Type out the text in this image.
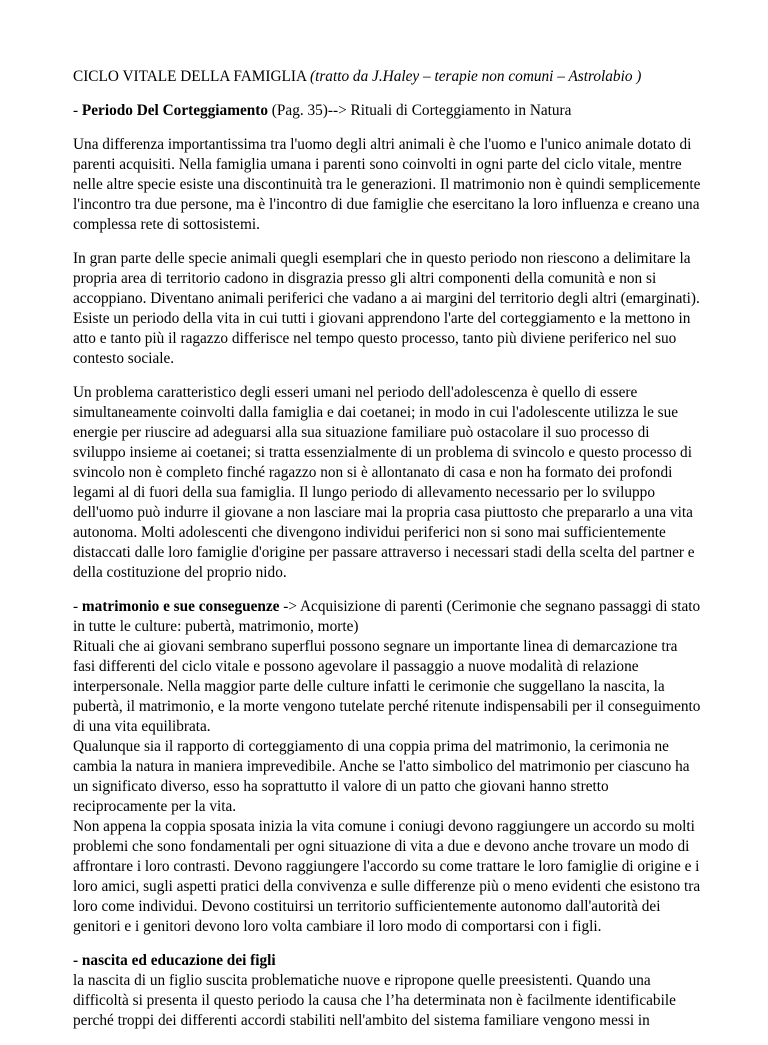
CICLO VITALE DELLA FAMIGLIA (tratto da J.Haley – terapie non comuni – Astrolabio )

- Periodo Del Corteggiamento (Pag. 35)--> Rituali di Corteggiamento in Natura

Una differenza importantissima tra l'uomo degli altri animali è che l'uomo e l'unico animale dotato di parenti acquisiti. Nella famiglia umana i parenti sono coinvolti in ogni parte del ciclo vitale, mentre nelle altre specie esiste una discontinuità tra le generazioni. Il matrimonio non è quindi semplicemente l'incontro tra due persone, ma è l'incontro di due famiglie che esercitano la loro influenza e creano una complessa rete di sottosistemi.

In gran parte delle specie animali quegli esemplari che in questo periodo non riescono a delimitare la propria area di territorio cadono in disgrazia presso gli altri componenti della comunità e non si accoppiano. Diventano animali periferici che vadano a ai margini del territorio degli altri (emarginati). Esiste un periodo della vita in cui tutti i giovani apprendono l'arte del corteggiamento e la mettono in atto e tanto più il ragazzo differisce nel tempo questo processo, tanto più diviene periferico nel suo contesto sociale.

Un problema caratteristico degli esseri umani nel periodo dell'adolescenza è quello di essere simultaneamente coinvolti dalla famiglia e dai coetanei; in modo in cui l'adolescente utilizza le sue energie per riuscire ad adeguarsi alla sua situazione familiare può ostacolare il suo processo di sviluppo insieme ai coetanei; si tratta essenzialmente di un problema di svincolo e questo processo di svincolo non è completo finché ragazzo non si è allontanato di casa e non ha formato dei profondi legami al di fuori della sua famiglia. Il lungo periodo di allevamento necessario per lo sviluppo dell'uomo può indurre il giovane a non lasciare mai la propria casa piuttosto che prepararlo a una vita autonoma. Molti adolescenti che divengono individui periferici non si sono mai sufficientemente distaccati dalle loro famiglie d'origine per passare attraverso i necessari stadi della scelta del partner e della costituzione del proprio nido.

- matrimonio e sue conseguenze -> Acquisizione di parenti (Cerimonie che segnano passaggi di stato in tutte le culture: pubertà, matrimonio, morte)

Rituali che ai giovani sembrano superflui possono segnare un importante linea di demarcazione tra fasi differenti del ciclo vitale e possono agevolare il passaggio a nuove modalità di relazione interpersonale. Nella maggior parte delle culture infatti le cerimonie che suggellano la nascita, la pubertà, il matrimonio, e la morte vengono tutelate perché ritenute indispensabili per il conseguimento di una vita equilibrata.

Qualunque sia il rapporto di corteggiamento di una coppia prima del matrimonio, la cerimonia ne cambia la natura in maniera imprevedibile. Anche se l'atto simbolico del matrimonio per ciascuno ha un significato diverso, esso ha soprattutto il valore di un patto che giovani hanno stretto reciprocamente per la vita.

Non appena la coppia sposata inizia la vita comune i coniugi devono raggiungere un accordo su molti problemi che sono fondamentali per ogni situazione di vita a due e devono anche trovare un modo di affrontare i loro contrasti. Devono raggiungere l'accordo su come trattare le loro famiglie di origine e i loro amici, sugli aspetti pratici della convivenza e sulle differenze più o meno evidenti che esistono tra loro come individui. Devono costituirsi un territorio sufficientemente autonomo dall'autorità dei genitori e i genitori devono loro volta cambiare il loro modo di comportarsi con i figli.

- nascita ed educazione dei figli

la nascita di un figlio suscita problematiche nuove e ripropone quelle preesistenti. Quando una difficoltà si presenta il questo periodo la causa che l’ha determinata non è facilmente identificabile perché troppi dei differenti accordi stabiliti nell'ambito del sistema familiare vengono messi in
